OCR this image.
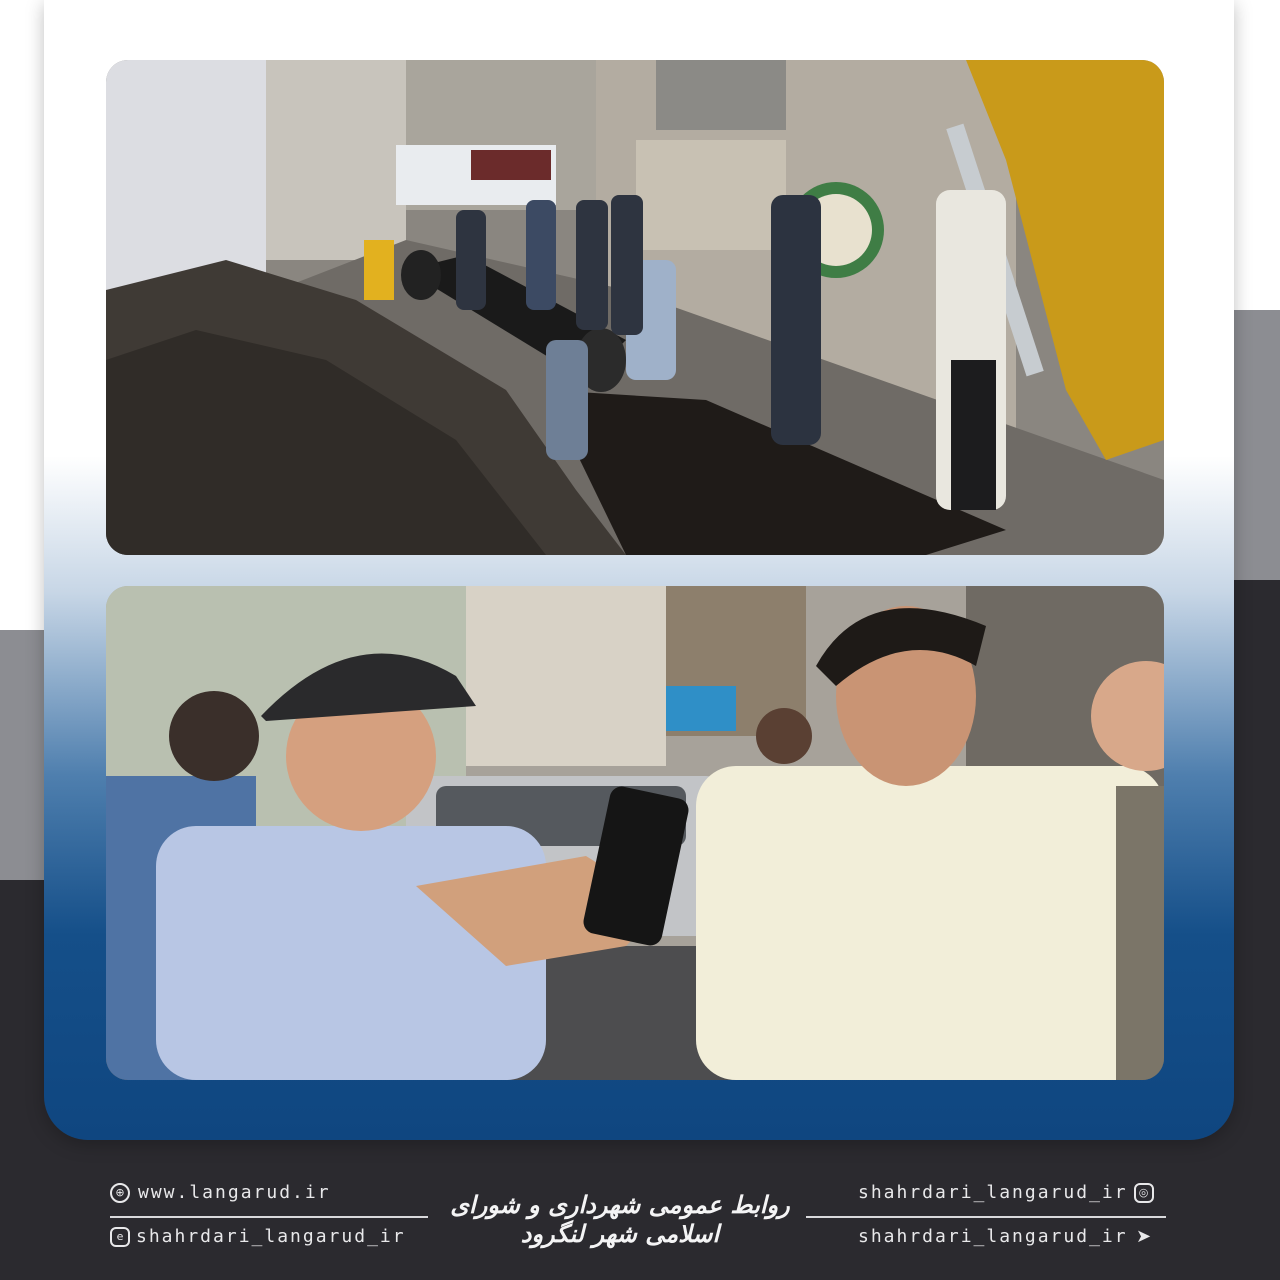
⊕ www.langarud.ir
e shahrdari_langarud_ir
روابط عمومی شهرداری و شورای اسلامی شهر لنگرود
shahrdari_langarud_ir	◎
shahrdari_langarud_ir ➤
